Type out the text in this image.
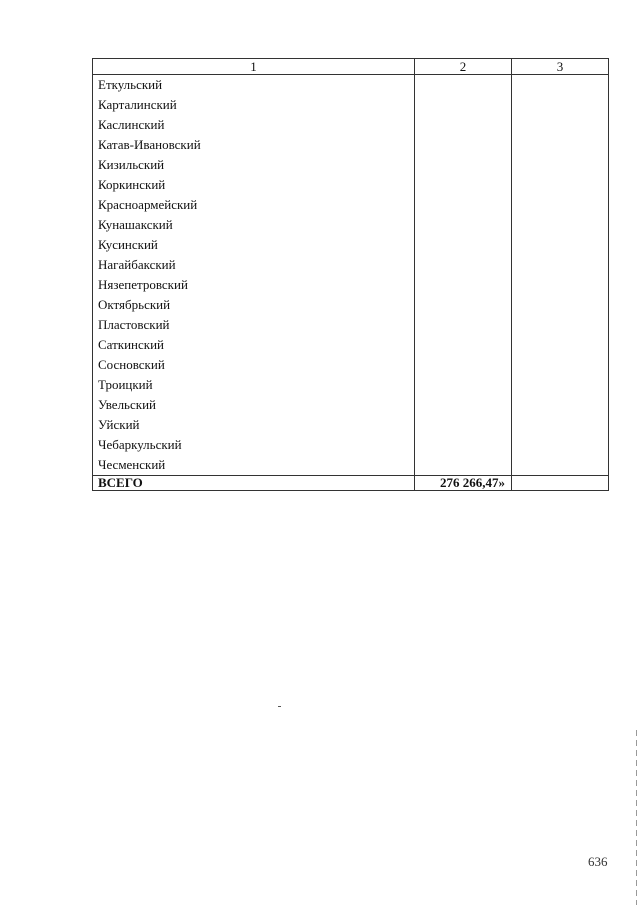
1	2	3
Еткульский		
Карталинский		
Каслинский		
Катав-Ивановский		
Кизильский		
Коркинский		
Красноармейский		
Кунашакский		
Кусинский		
Нагайбакский		
Нязепетровский		
Октябрьский		
Пластовский		
Саткинский		
Сосновский		
Троицкий		
Увельский		
Уйский		
Чебаркульский		
Чесменский		
ВСЕГО	276 266,47»	
636
